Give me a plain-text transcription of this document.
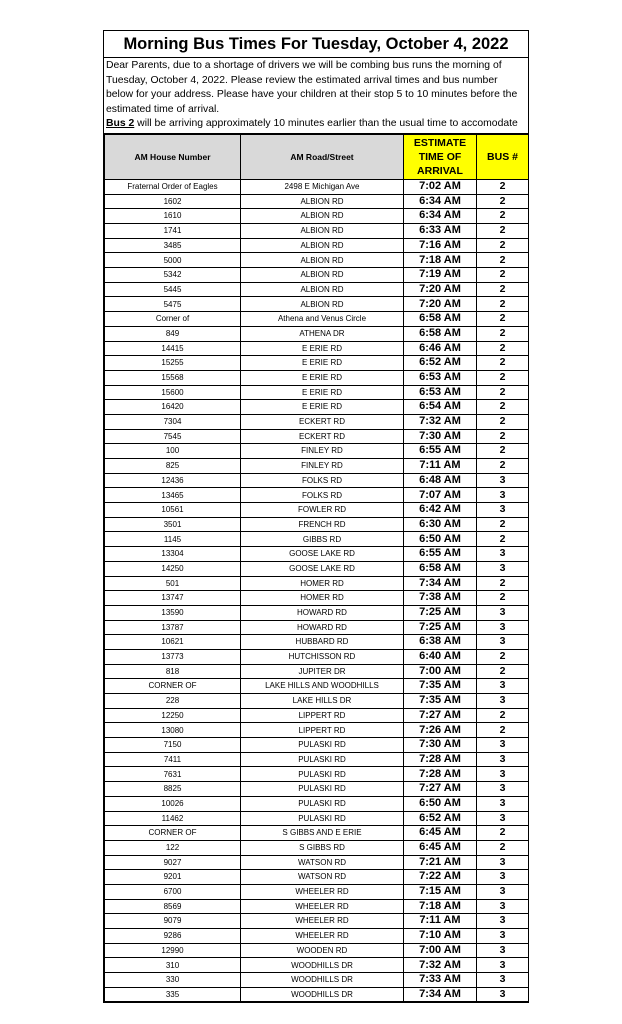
Morning Bus Times For Tuesday, October 4, 2022

Dear Parents, due to a shortage of drivers we will be combing bus runs the morning of Tuesday, October 4, 2022. Please review the estimated arrival times and bus number below for your address. Please have your children at their stop 5 to 10 minutes before the estimated time of arrival.

Bus 2 will be arriving approximately 10 minutes earlier than the usual time to accomodate

AM House Number	AM Road/Street	ESTIMATE
TIME OF
ARRIVAL	BUS #
Fraternal Order of Eagles	2498 E Michigan Ave	7:02 AM	2
1602	ALBION RD	6:34 AM	2
1610	ALBION RD	6:34 AM	2
1741	ALBION RD	6:33 AM	2
3485	ALBION RD	7:16 AM	2
5000	ALBION RD	7:18 AM	2
5342	ALBION RD	7:19 AM	2
5445	ALBION RD	7:20 AM	2
5475	ALBION RD	7:20 AM	2
Corner of	Athena and Venus Circle	6:58 AM	2
849	ATHENA DR	6:58 AM	2
14415	E ERIE RD	6:46 AM	2
15255	E ERIE RD	6:52 AM	2
15568	E ERIE RD	6:53 AM	2
15600	E ERIE RD	6:53 AM	2
16420	E ERIE RD	6:54 AM	2
7304	ECKERT RD	7:32 AM	2
7545	ECKERT RD	7:30 AM	2
100	FINLEY RD	6:55 AM	2
825	FINLEY RD	7:11 AM	2
12436	FOLKS RD	6:48 AM	3
13465	FOLKS RD	7:07 AM	3
10561	FOWLER RD	6:42 AM	3
3501	FRENCH RD	6:30 AM	2
1145	GIBBS RD	6:50 AM	2
13304	GOOSE LAKE RD	6:55 AM	3
14250	GOOSE LAKE RD	6:58 AM	3
501	HOMER RD	7:34 AM	2
13747	HOMER RD	7:38 AM	2
13590	HOWARD RD	7:25 AM	3
13787	HOWARD RD	7:25 AM	3
10621	HUBBARD RD	6:38 AM	3
13773	HUTCHISSON RD	6:40 AM	2
818	JUPITER DR	7:00 AM	2
CORNER OF	LAKE HILLS AND WOODHILLS	7:35 AM	3
228	LAKE HILLS DR	7:35 AM	3
12250	LIPPERT RD	7:27 AM	2
13080	LIPPERT RD	7:26 AM	2
7150	PULASKI RD	7:30 AM	3
7411	PULASKI RD	7:28 AM	3
7631	PULASKI RD	7:28 AM	3
8825	PULASKI RD	7:27 AM	3
10026	PULASKI RD	6:50 AM	3
11462	PULASKI RD	6:52 AM	3
CORNER OF	S GIBBS AND E ERIE	6:45 AM	2
122	S GIBBS RD	6:45 AM	2
9027	WATSON RD	7:21 AM	3
9201	WATSON RD	7:22 AM	3
6700	WHEELER RD	7:15 AM	3
8569	WHEELER RD	7:18 AM	3
9079	WHEELER RD	7:11 AM	3
9286	WHEELER RD	7:10 AM	3
12990	WOODEN RD	7:00 AM	3
310	WOODHILLS DR	7:32 AM	3
330	WOODHILLS DR	7:33 AM	3
335	WOODHILLS DR	7:34 AM	3
